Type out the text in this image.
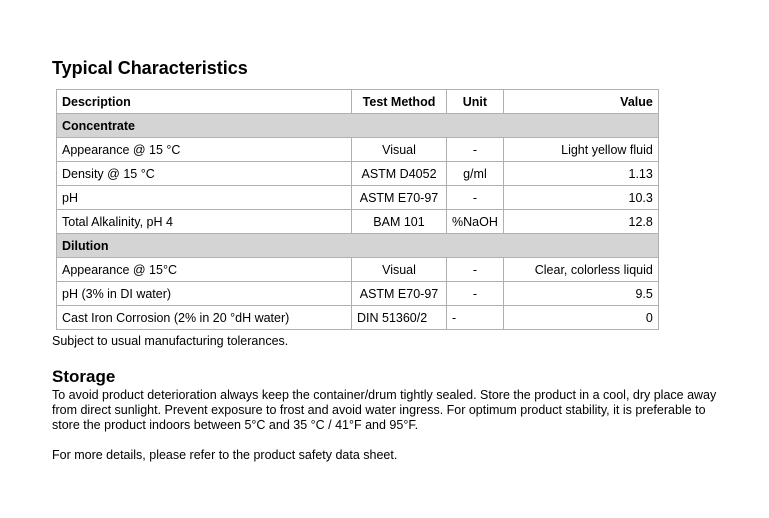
Typical Characteristics
Description	Test Method	Unit	Value
Concentrate			
Appearance @ 15 °C	Visual	-	Light yellow fluid
Density @ 15 °C	ASTM D4052	g/ml	1.13
pH	ASTM E70-97	-	10.3
Total Alkalinity, pH 4	BAM 101	%NaOH	12.8
Dilution			
Appearance @ 15°C	Visual	-	Clear, colorless liquid
pH (3% in DI water)	ASTM E70-97	-	9.5
Cast Iron Corrosion (2% in 20 °dH water)	DIN 51360/2	-	0
Subject to usual manufacturing tolerances.
Storage
To avoid product deterioration always keep the container/drum tightly sealed. Store the product in a cool, dry place away from direct sunlight. Prevent exposure to frost and avoid water ingress. For optimum product stability, it is preferable to store the product indoors between 5°C and 35 °C / 41°F and 95°F.
For more details, please refer to the product safety data sheet.
